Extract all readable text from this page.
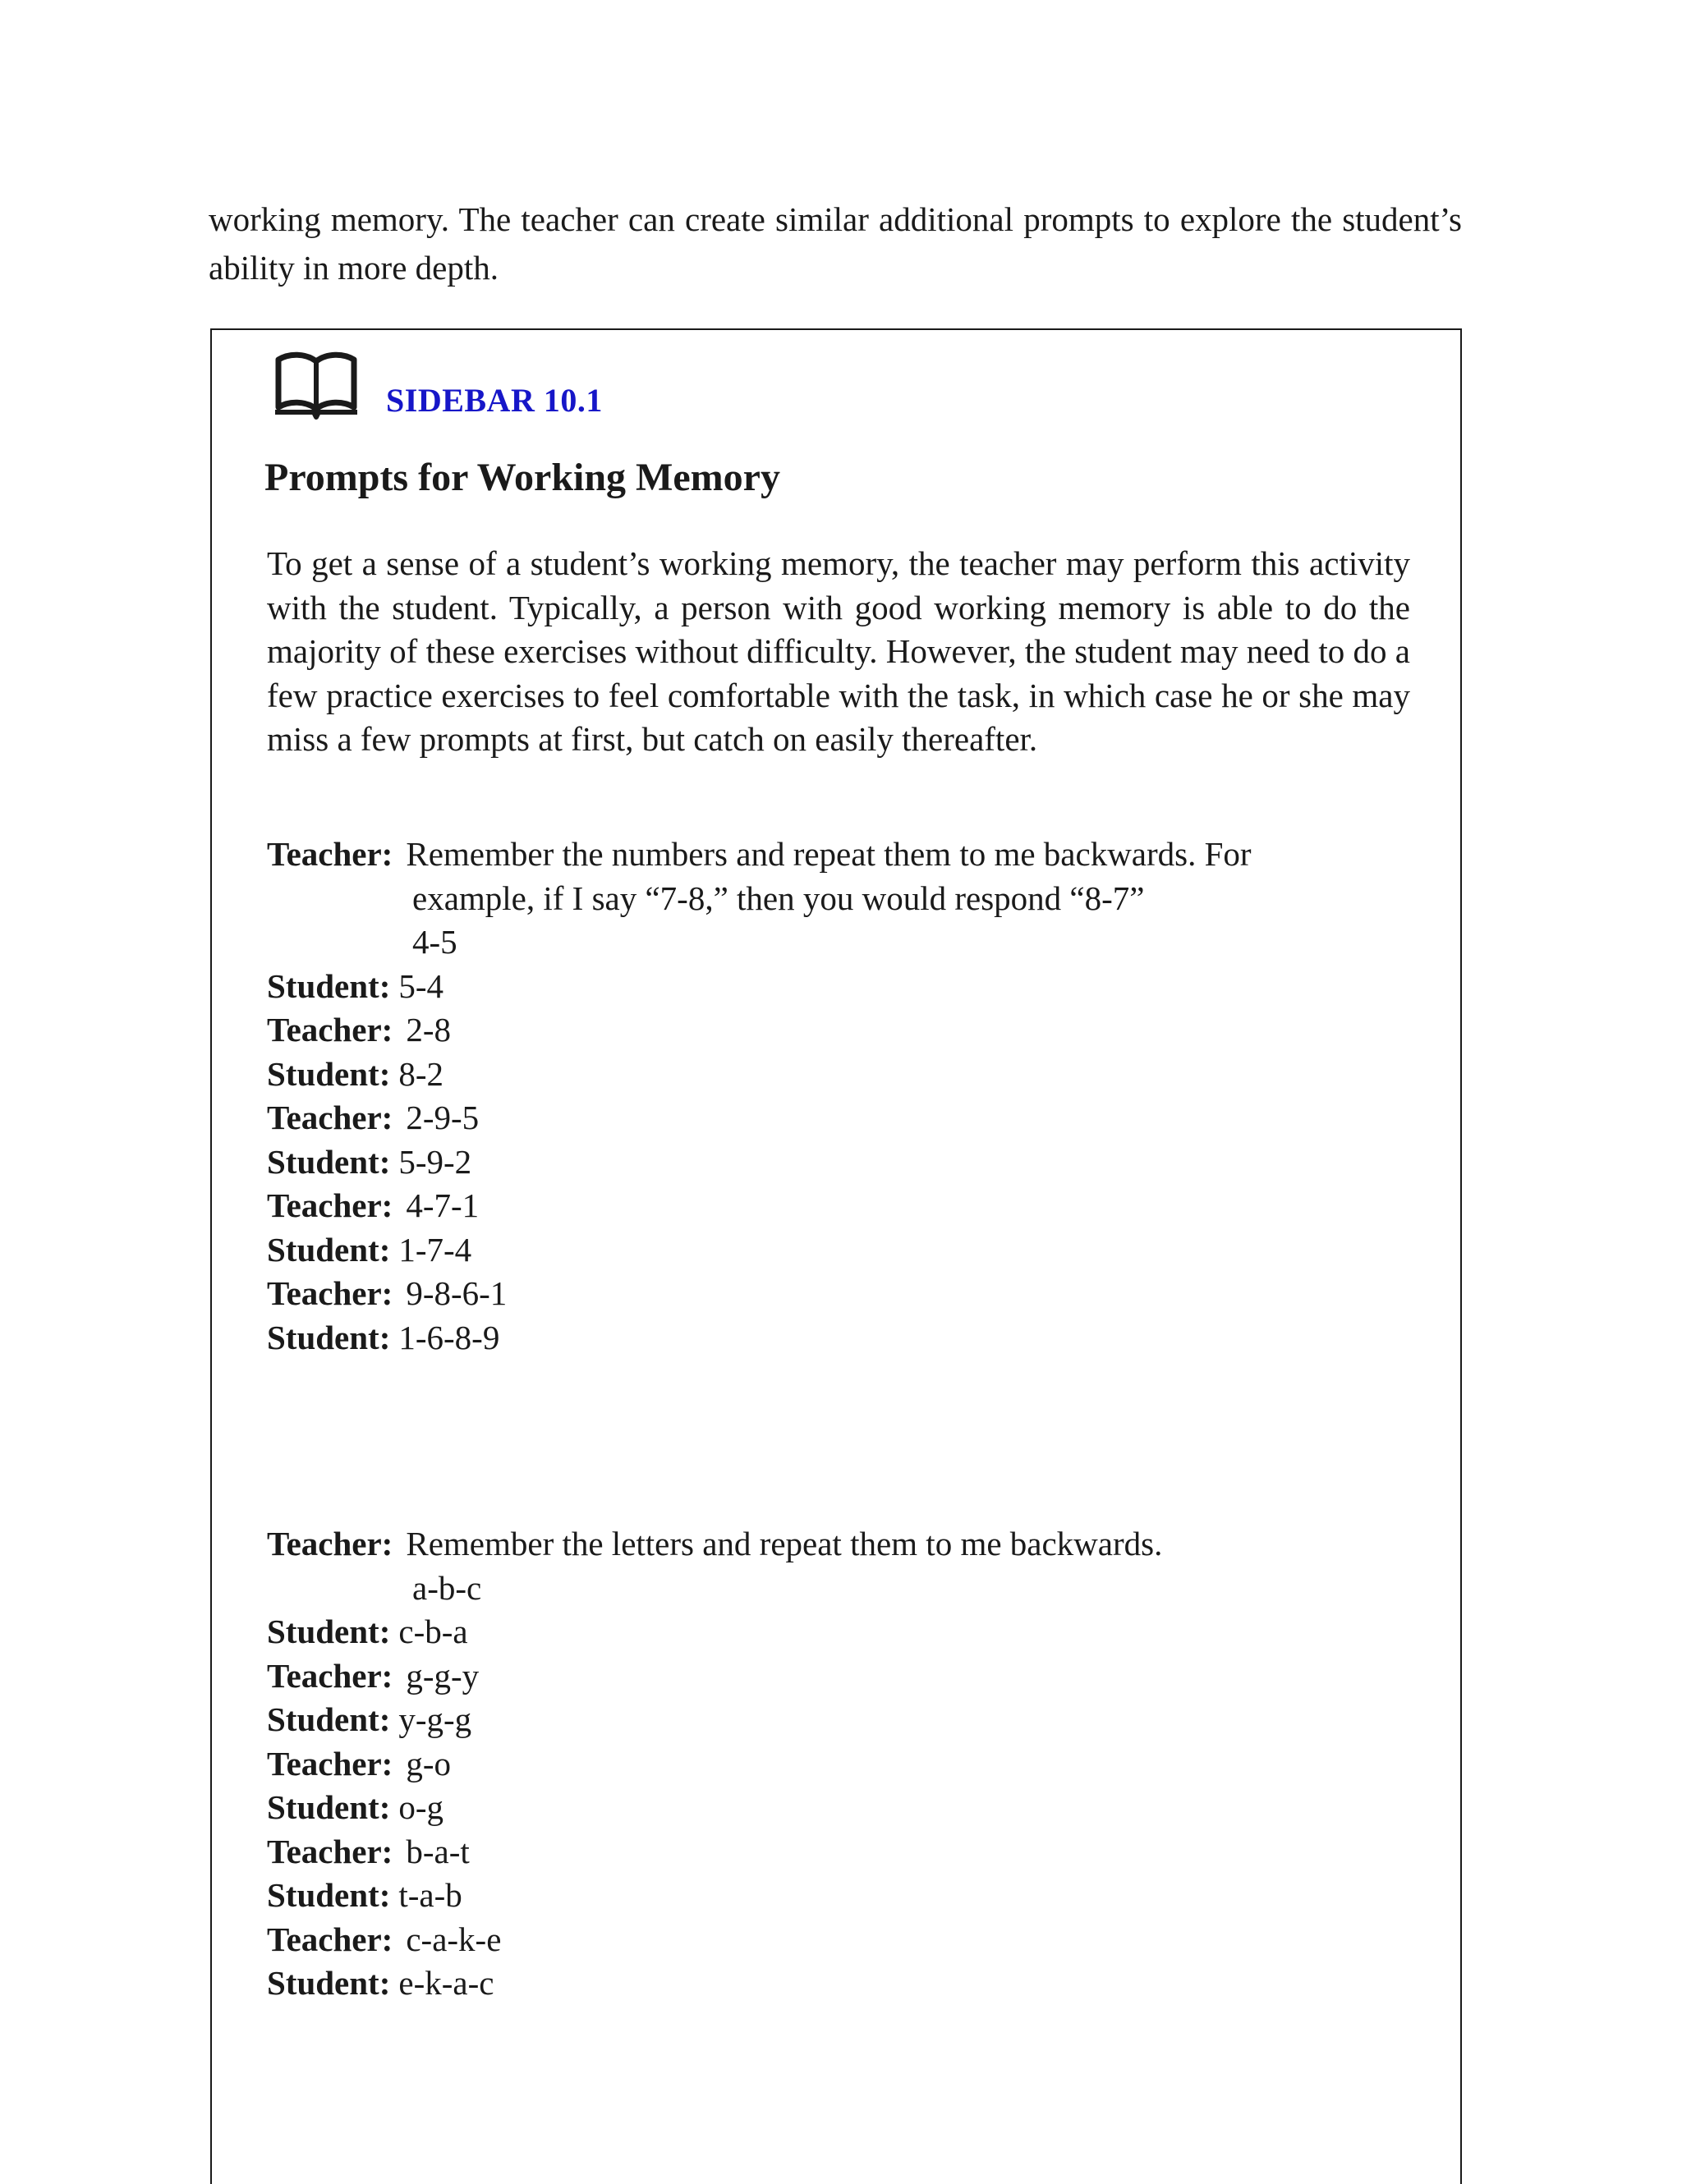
working memory. The teacher can create similar additional prompts to explore the student’s ability in more depth.

SIDEBAR 10.1
Prompts for Working Memory

To get a sense of a student’s working memory, the teacher may perform this activity with the student. Typically, a person with good working memory is able to do the majority of these exercises without difficulty. However, the student may need to do a few practice exercises to feel comfortable with the task, in which case he or she may miss a few prompts at first, but catch on easily thereafter.

Teacher: Remember the numbers and repeat them to me backwards. For
example, if I say “7-8,” then you would respond “8-7”
4-5
Student: 5-4
Teacher: 2-8
Student: 8-2
Teacher: 2-9-5
Student: 5-9-2
Teacher: 4-7-1
Student: 1-7-4
Teacher: 9-8-6-1
Student: 1-6-8-9
Teacher: Remember the letters and repeat them to me backwards.
a-b-c
Student: c-b-a
Teacher: g-g-y
Student: y-g-g
Teacher: g-o
Student: o-g
Teacher: b-a-t
Student: t-a-b
Teacher: c-a-k-e
Student: e-k-a-c
